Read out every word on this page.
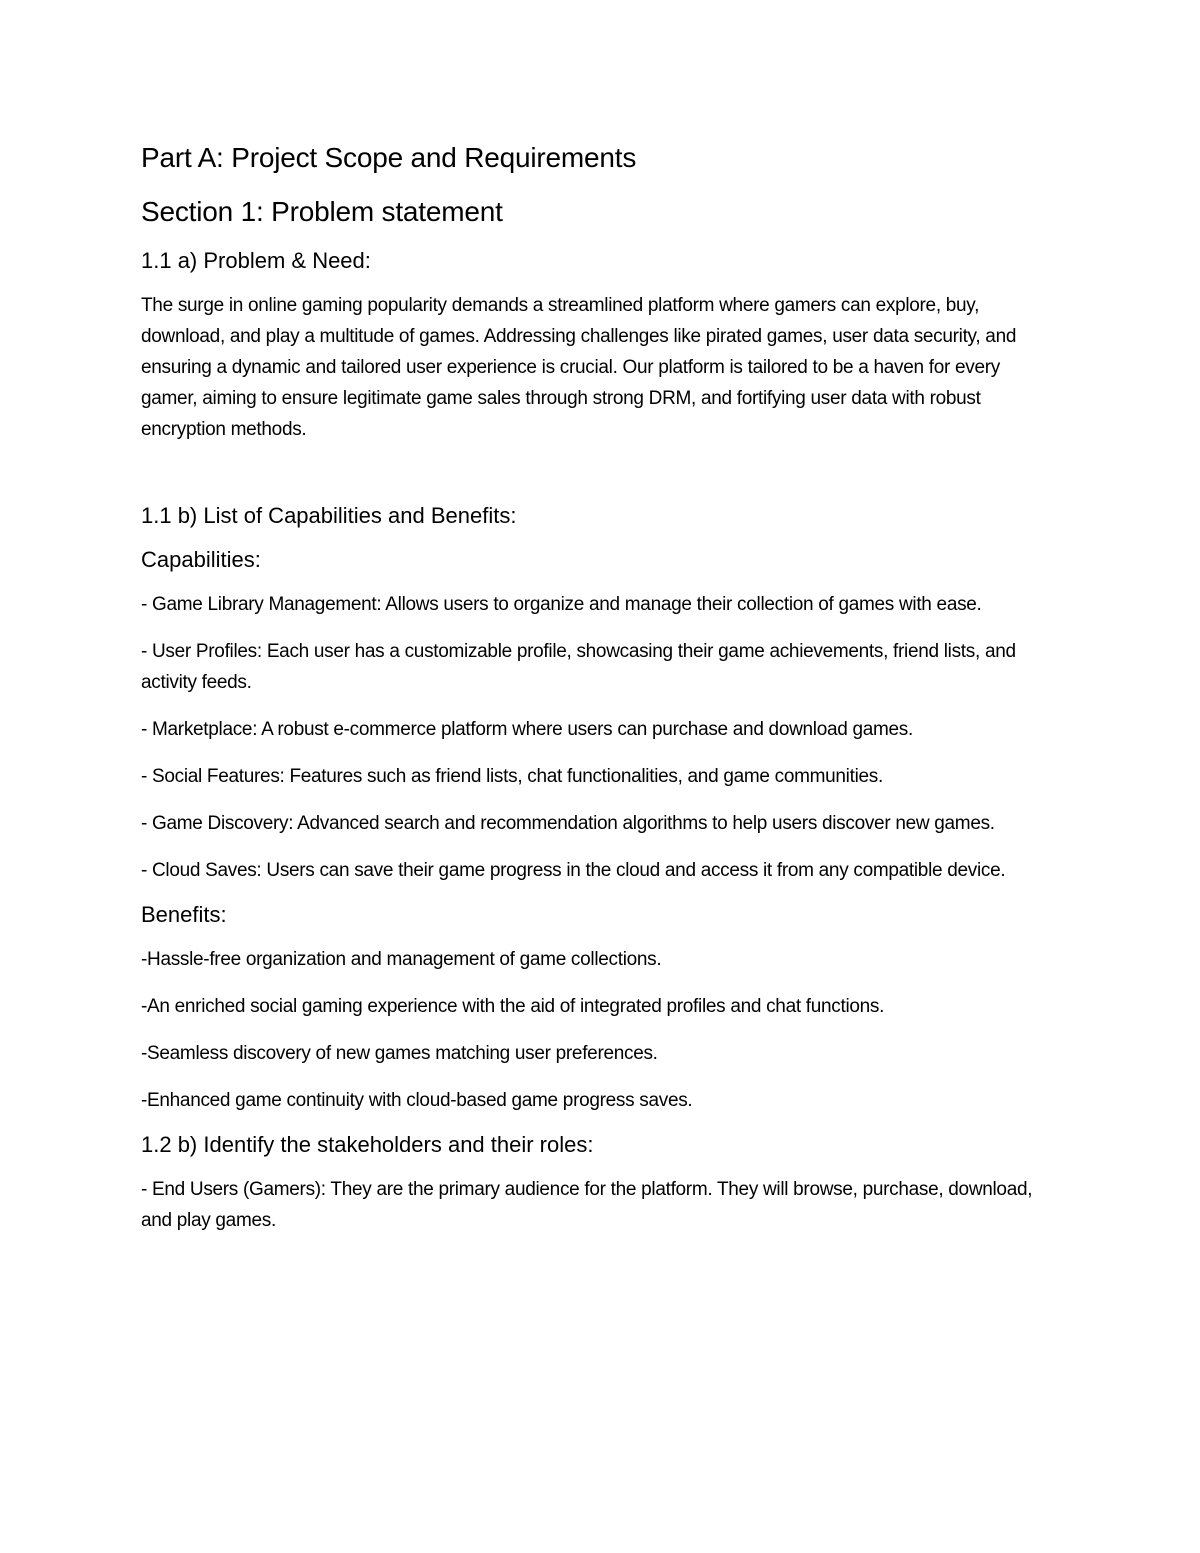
Part A: Project Scope and Requirements
Section 1: Problem statement
1.1 a) Problem & Need:

The surge in online gaming popularity demands a streamlined platform where gamers can explore, buy, download, and play a multitude of games. Addressing challenges like pirated games, user data security, and ensuring a dynamic and tailored user experience is crucial. Our platform is tailored to be a haven for every gamer, aiming to ensure legitimate game sales through strong DRM, and fortifying user data with robust encryption methods.

1.1 b) List of Capabilities and Benefits:
Capabilities:

- Game Library Management: Allows users to organize and manage their collection of games with ease.

- User Profiles: Each user has a customizable profile, showcasing their game achievements, friend lists, and activity feeds.

- Marketplace: A robust e-commerce platform where users can purchase and download games.

- Social Features: Features such as friend lists, chat functionalities, and game communities.

- Game Discovery: Advanced search and recommendation algorithms to help users discover new games.

- Cloud Saves: Users can save their game progress in the cloud and access it from any compatible device.

Benefits:

-Hassle-free organization and management of game collections.

-An enriched social gaming experience with the aid of integrated profiles and chat functions.

-Seamless discovery of new games matching user preferences.

-Enhanced game continuity with cloud-based game progress saves.

1.2 b) Identify the stakeholders and their roles:

- End Users (Gamers): They are the primary audience for the platform. They will browse, purchase, download, and play games.
